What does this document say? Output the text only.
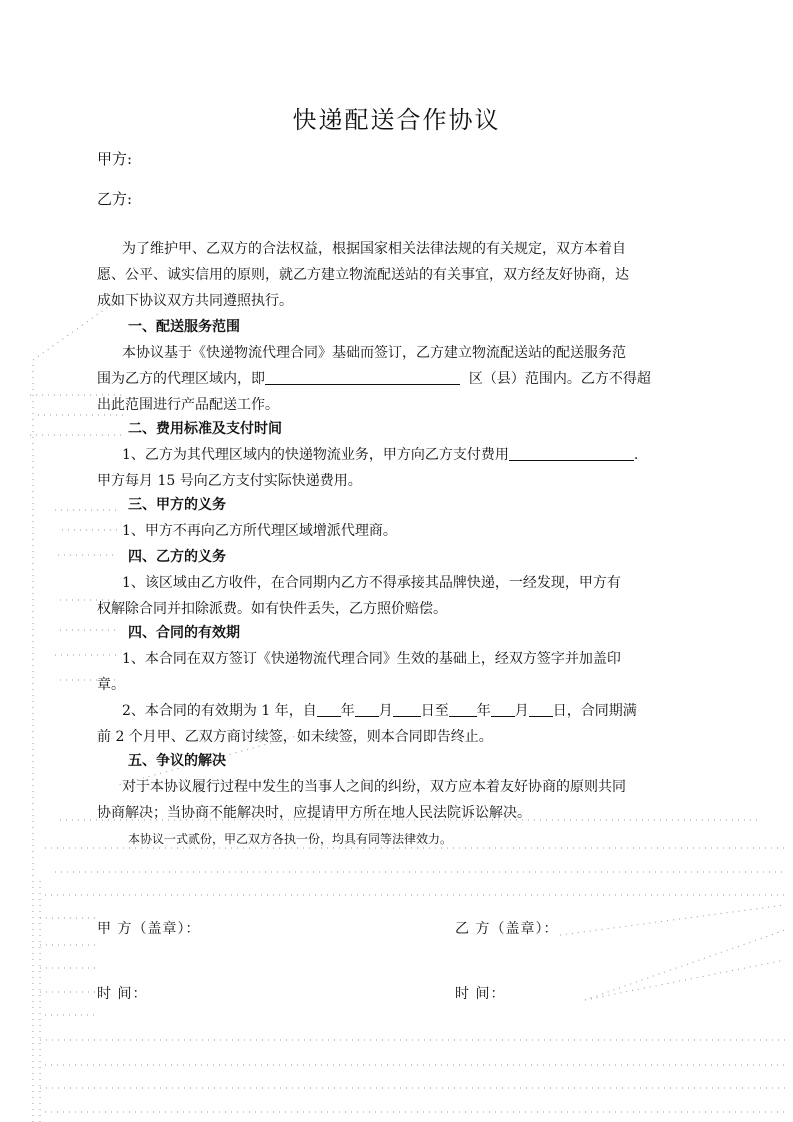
快递配送合作协议
甲方:
乙方:
为了维护甲、乙双方的合法权益，根据国家相关法律法规的有关规定，双方本着自
愿、公平、诚实信用的原则，就乙方建立物流配送站的有关事宜，双方经友好协商，达
成如下协议双方共同遵照执行。
一、配送服务范围
本协议基于《快递物流代理合同》基础而签订，乙方建立物流配送站的配送服务范
围为乙方的代理区域内，即	区（县）范围内。乙方不得超
出此范围进行产品配送工作。
二、费用标准及支付时间
1、乙方为其代理区域内的快递物流业务，甲方向乙方支付费用	.
甲方每月 15 号向乙方支付实际快递费用。
三、甲方的义务
1、甲方不再向乙方所代理区域增派代理商。
四、乙方的义务
1、该区域由乙方收件，在合同期内乙方不得承接其品牌快递，一经发现，甲方有
权解除合同并扣除派费。如有快件丢失，乙方照价赔偿。
四、合同的有效期
1、本合同在双方签订《快递物流代理合同》生效的基础上，经双方签字并加盖印
章。
2、本合同的有效期为 1 年，自 年 月 日至 年 月 日，合同期满
前 2 个月甲、乙双方商讨续签，如未续签，则本合同即告终止。
五、争议的解决
对于本协议履行过程中发生的当事人之间的纠纷，双方应本着友好协商的原则共同
协商解决；当协商不能解决时，应提请甲方所在地人民法院诉讼解决。
本协议一式贰份，甲乙双方各执一份，均具有同等法律效力。
甲 方（盖章）：	乙 方（盖章）：
时 间：	时 间：
